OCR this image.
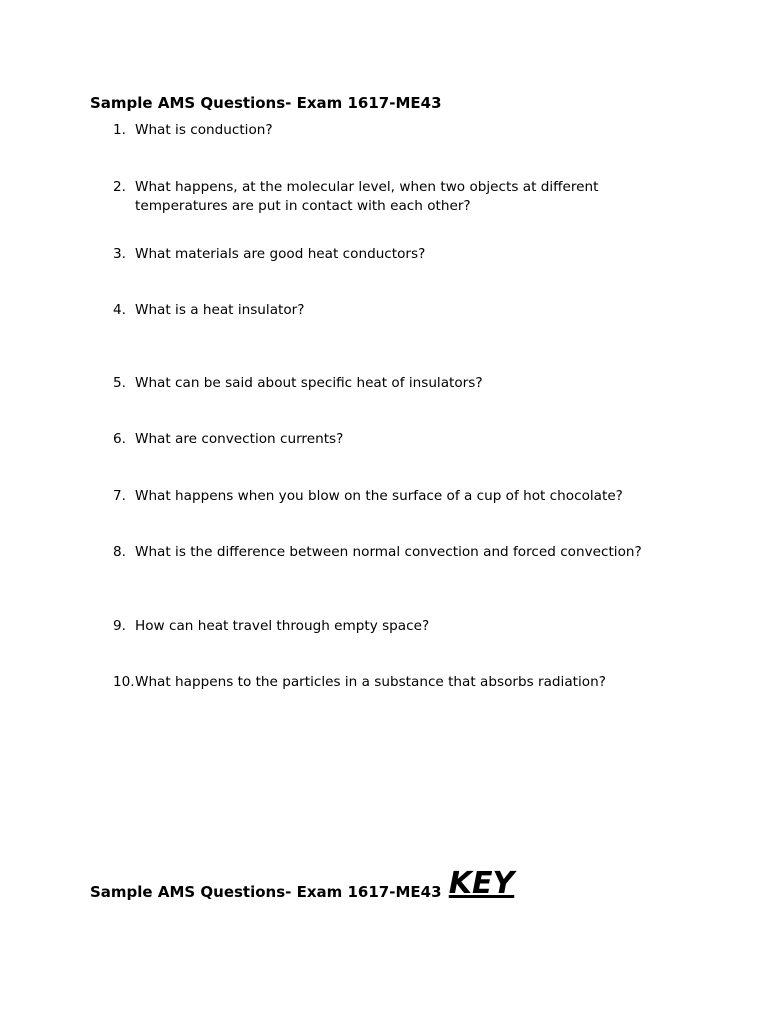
Sample AMS Questions- Exam 1617-ME43
1. What is conduction?
2. What happens, at the molecular level, when two objects at different temperatures are put in contact with each other?
3. What materials are good heat conductors?
4. What is a heat insulator?
5. What can be said about specific heat of insulators?
6. What are convection currents?
7. What happens when you blow on the surface of a cup of hot chocolate?
8. What is the difference between normal convection and forced convection?
9. How can heat travel through empty space?
10. What happens to the particles in a substance that absorbs radiation?
Sample AMS Questions- Exam 1617-ME43 KEY
